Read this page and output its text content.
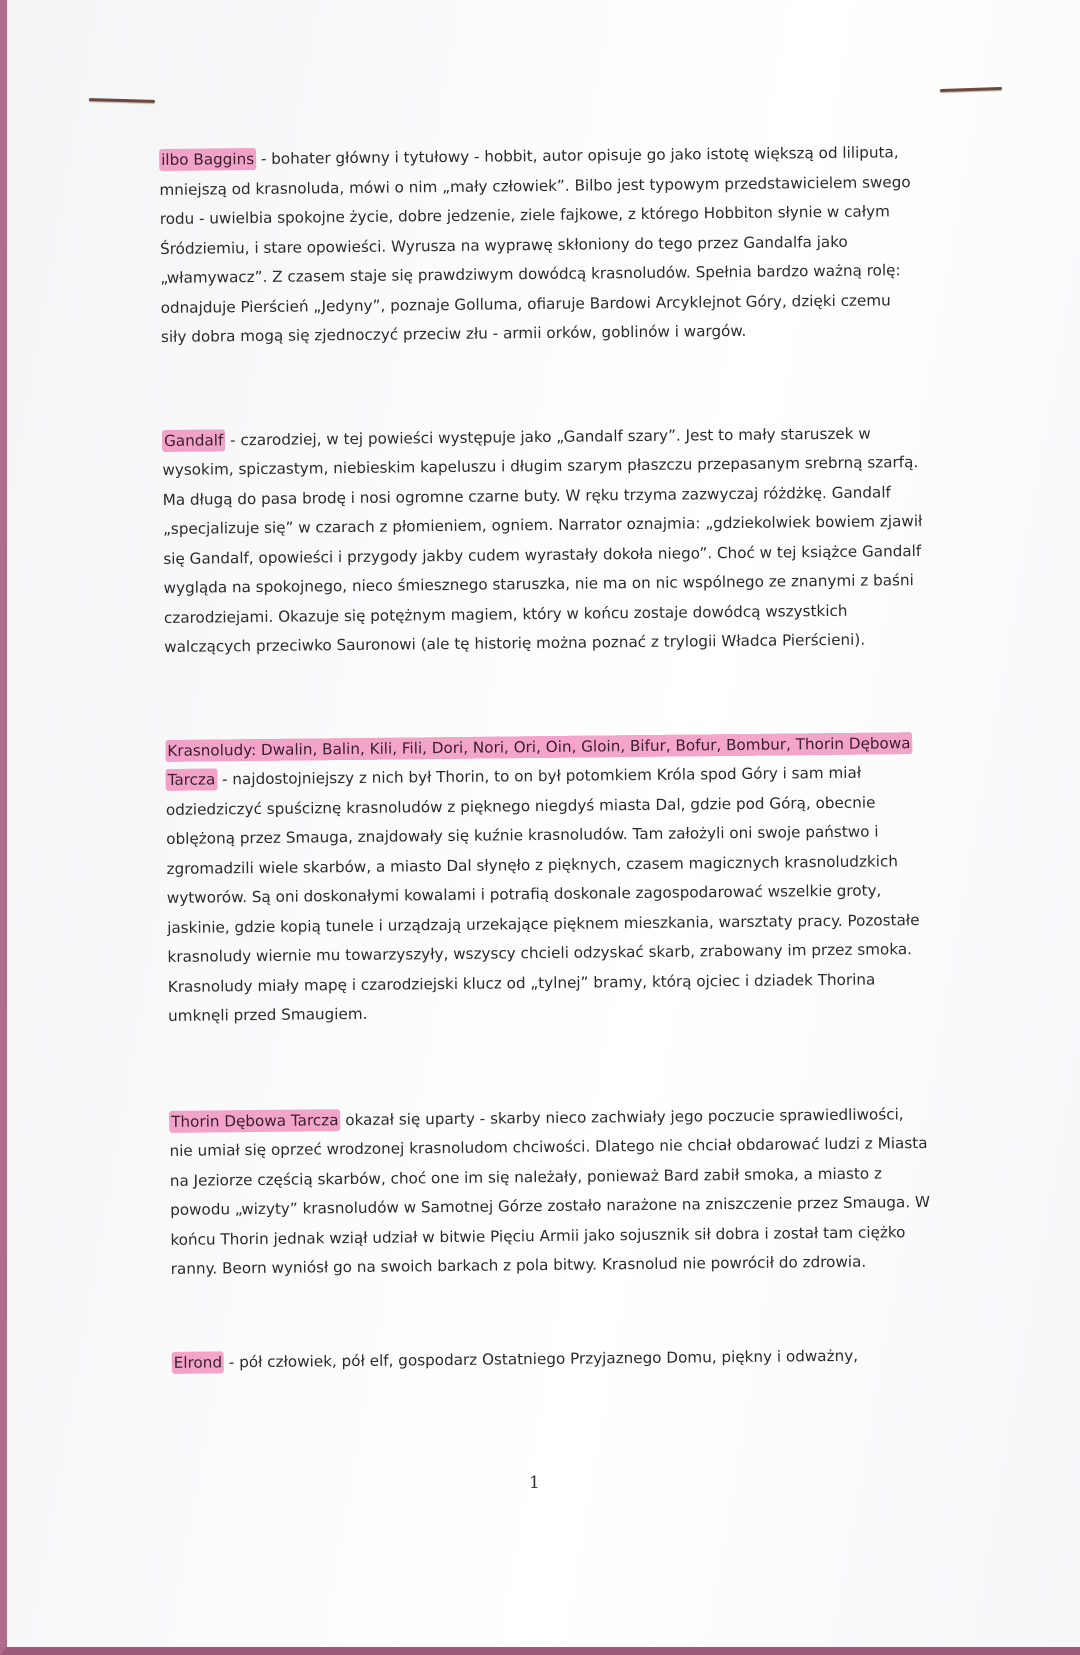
ilbo Baggins - bohater główny i tytułowy - hobbit, autor opisuje go jako istotę większą od liliputa, mniejszą od krasnoluda, mówi o nim „mały człowiek”. Bilbo jest typowym przedstawicielem swego rodu - uwielbia spokojne życie, dobre jedzenie, ziele fajkowe, z którego Hobbiton słynie w całym Śródziemiu, i stare opowieści. Wyrusza na wyprawę skłoniony do tego przez Gandalfa jako „włamywacz”. Z czasem staje się prawdziwym dowódcą krasnoludów. Spełnia bardzo ważną rolę: odnajduje Pierścień „Jedyny”, poznaje Golluma, ofiaruje Bardowi Arcyklejnot Góry, dzięki czemu siły dobra mogą się zjednoczyć przeciw złu - armii orków, goblinów i wargów.

Gandalf - czarodziej, w tej powieści występuje jako „Gandalf szary”. Jest to mały staruszek w wysokim, spiczastym, niebieskim kapeluszu i długim szarym płaszczu przepasanym srebrną szarfą. Ma długą do pasa brodę i nosi ogromne czarne buty. W ręku trzyma zazwyczaj różdżkę. Gandalf „specjalizuje się” w czarach z płomieniem, ogniem. Narrator oznajmia: „gdziekolwiek bowiem zjawił się Gandalf, opowieści i przygody jakby cudem wyrastały dokoła niego”. Choć w tej książce Gandalf wygląda na spokojnego, nieco śmiesznego staruszka, nie ma on nic wspólnego ze znanymi z baśni czarodziejami. Okazuje się potężnym magiem, który w końcu zostaje dowódcą wszystkich walczących przeciwko Sauronowi (ale tę historię można poznać z trylogii Władca Pierścieni).

Krasnoludy: Dwalin, Balin, Kili, Fili, Dori, Nori, Ori, Oin, Gloin, Bifur, Bofur, Bombur, Thorin Dębowa Tarcza - najdostojniejszy z nich był Thorin, to on był potomkiem Króla spod Góry i sam miał odziedziczyć spuściznę krasnoludów z pięknego niegdyś miasta Dal, gdzie pod Górą, obecnie oblężoną przez Smauga, znajdowały się kuźnie krasnoludów. Tam założyli oni swoje państwo i zgromadzili wiele skarbów, a miasto Dal słynęło z pięknych, czasem magicznych krasnoludzkich wytworów. Są oni doskonałymi kowalami i potrafią doskonale zagospodarować wszelkie groty, jaskinie, gdzie kopią tunele i urządzają urzekające pięknem mieszkania, warsztaty pracy. Pozostałe krasnoludy wiernie mu towarzyszyły, wszyscy chcieli odzyskać skarb, zrabowany im przez smoka. Krasnoludy miały mapę i czarodziejski klucz od „tylnej” bramy, którą ojciec i dziadek Thorina umknęli przed Smaugiem.

Thorin Dębowa Tarcza okazał się uparty - skarby nieco zachwiały jego poczucie sprawiedliwości, nie umiał się oprzeć wrodzonej krasnoludom chciwości. Dlatego nie chciał obdarować ludzi z Miasta na Jeziorze częścią skarbów, choć one im się należały, ponieważ Bard zabił smoka, a miasto z powodu „wizyty” krasnoludów w Samotnej Górze zostało narażone na zniszczenie przez Smauga. W końcu Thorin jednak wziął udział w bitwie Pięciu Armii jako sojusznik sił dobra i został tam ciężko ranny. Beorn wyniósł go na swoich barkach z pola bitwy. Krasnolud nie powrócił do zdrowia.

Elrond - pół człowiek, pół elf, gospodarz Ostatniego Przyjaznego Domu, piękny i odważny,

1
